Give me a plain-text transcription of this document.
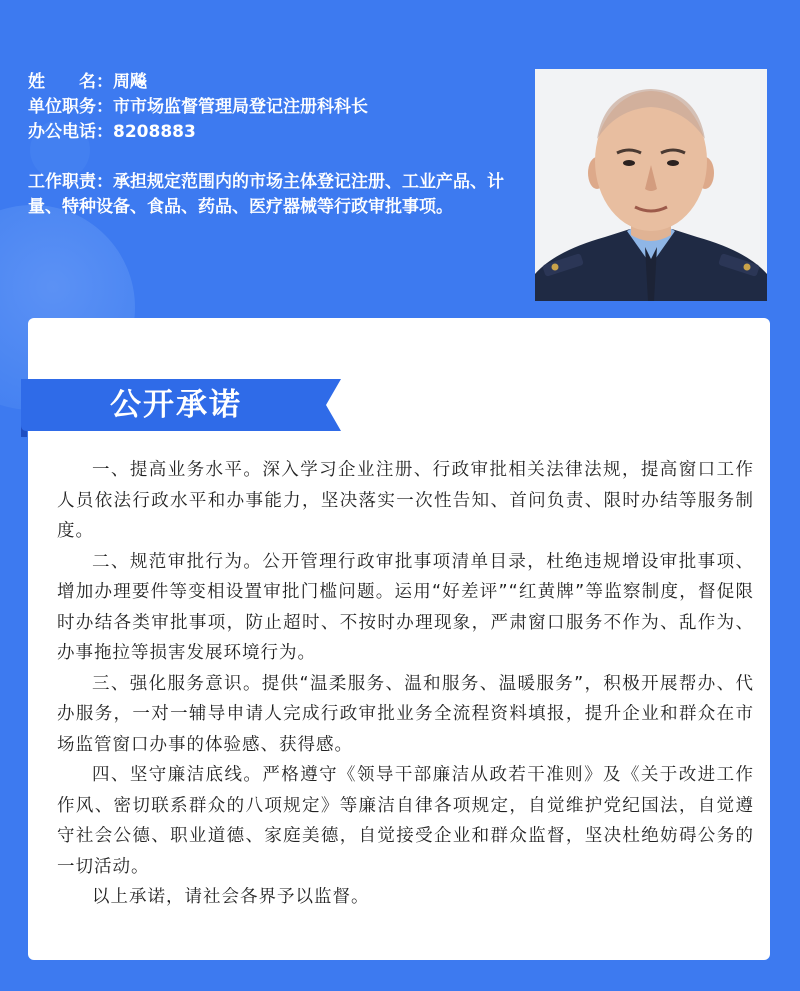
姓　　名：周飚
单位职务：市市场监督管理局登记注册科科长
办公电话：8208883
工作职责：承担规定范围内的市场主体登记注册、工业产品、计量、特种设备、食品、药品、医疗器械等行政审批事项。
公开承诺

一、提高业务水平。深入学习企业注册、行政审批相关法律法规，提高窗口工作人员依法行政水平和办事能力，坚决落实一次性告知、首问负责、限时办结等服务制度。

二、规范审批行为。公开管理行政审批事项清单目录，杜绝违规增设审批事项、增加办理要件等变相设置审批门槛问题。运用“好差评”“红黄牌”等监察制度，督促限时办结各类审批事项，防止超时、不按时办理现象，严肃窗口服务不作为、乱作为、办事拖拉等损害发展环境行为。

三、强化服务意识。提供“温柔服务、温和服务、温暖服务”，积极开展帮办、代办服务，一对一辅导申请人完成行政审批业务全流程资料填报，提升企业和群众在市场监管窗口办事的体验感、获得感。

四、坚守廉洁底线。严格遵守《领导干部廉洁从政若干准则》及《关于改进工作作风、密切联系群众的八项规定》等廉洁自律各项规定，自觉维护党纪国法，自觉遵守社会公德、职业道德、家庭美德，自觉接受企业和群众监督，坚决杜绝妨碍公务的一切活动。

以上承诺，请社会各界予以监督。
